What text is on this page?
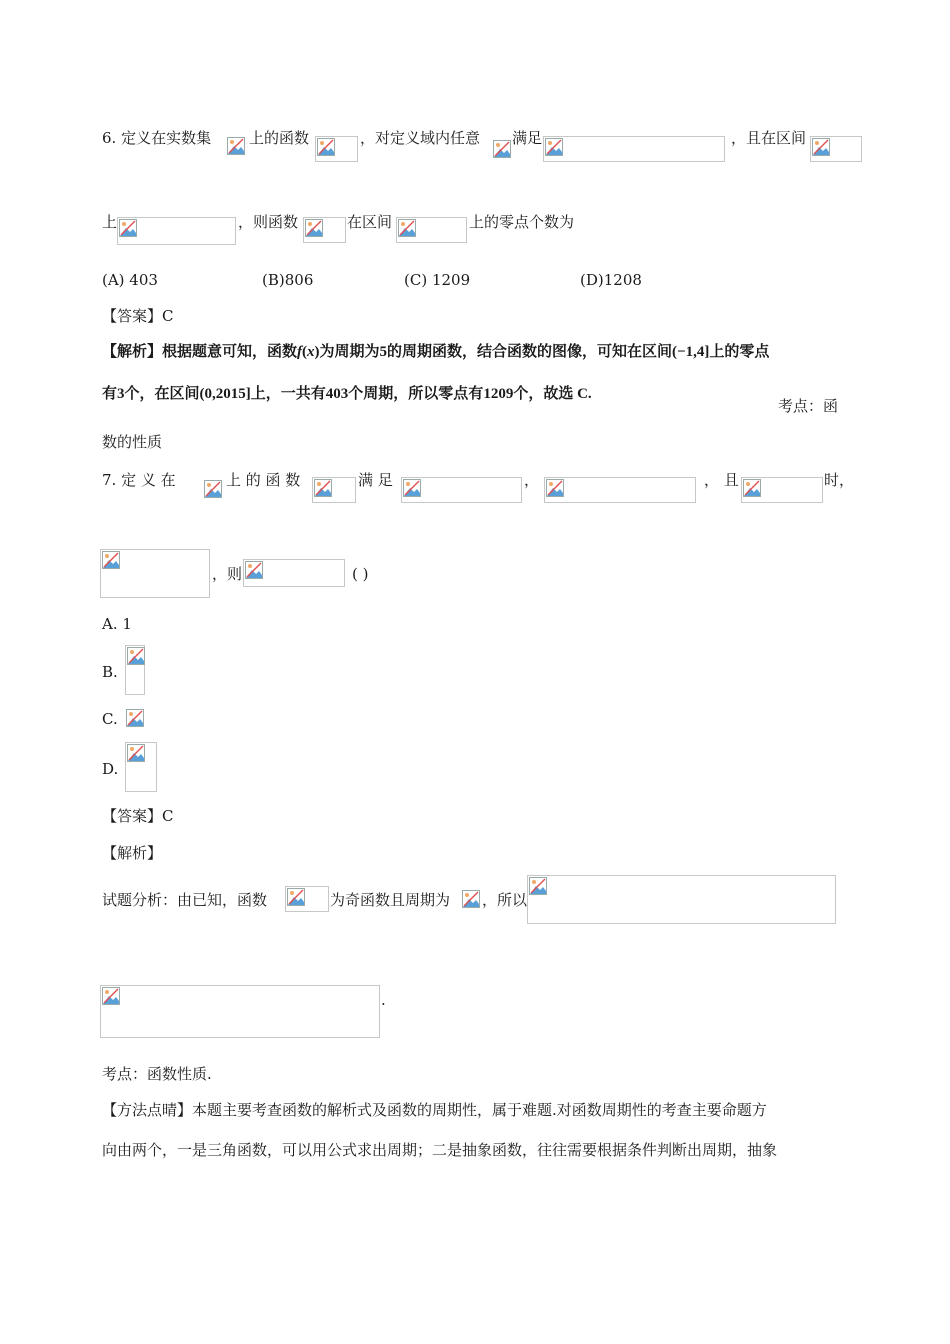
6. 定义在实数集	上的函数	，对定义域内任意 满足	，且在区间
上	，则函数	在区间	上的零点个数为
(A) 403	(B)806	(C) 1209	(D)1208
【答案】C
【解析】根据题意可知，函数f(x)为周期为5的周期函数，结合函数的图像，可知在区间(−1,4]上的零点
有3个，在区间(0,2015]上，一共有403个周期，所以零点有1209个，故选 C.
考点：函
数的性质
7. 定 义 在	上 的 函 数	满 足	，	， 且	时，
，则	( )
A. 1
B.
C.
D.
【答案】C
【解析】
试题分析：由已知，函数	为奇函数且周期为 ，所以
.
考点：函数性质.
【方法点晴】本题主要考查函数的解析式及函数的周期性，属于难题.对函数周期性的考查主要命题方
向由两个，一是三角函数，可以用公式求出周期；二是抽象函数，往往需要根据条件判断出周期，抽象
